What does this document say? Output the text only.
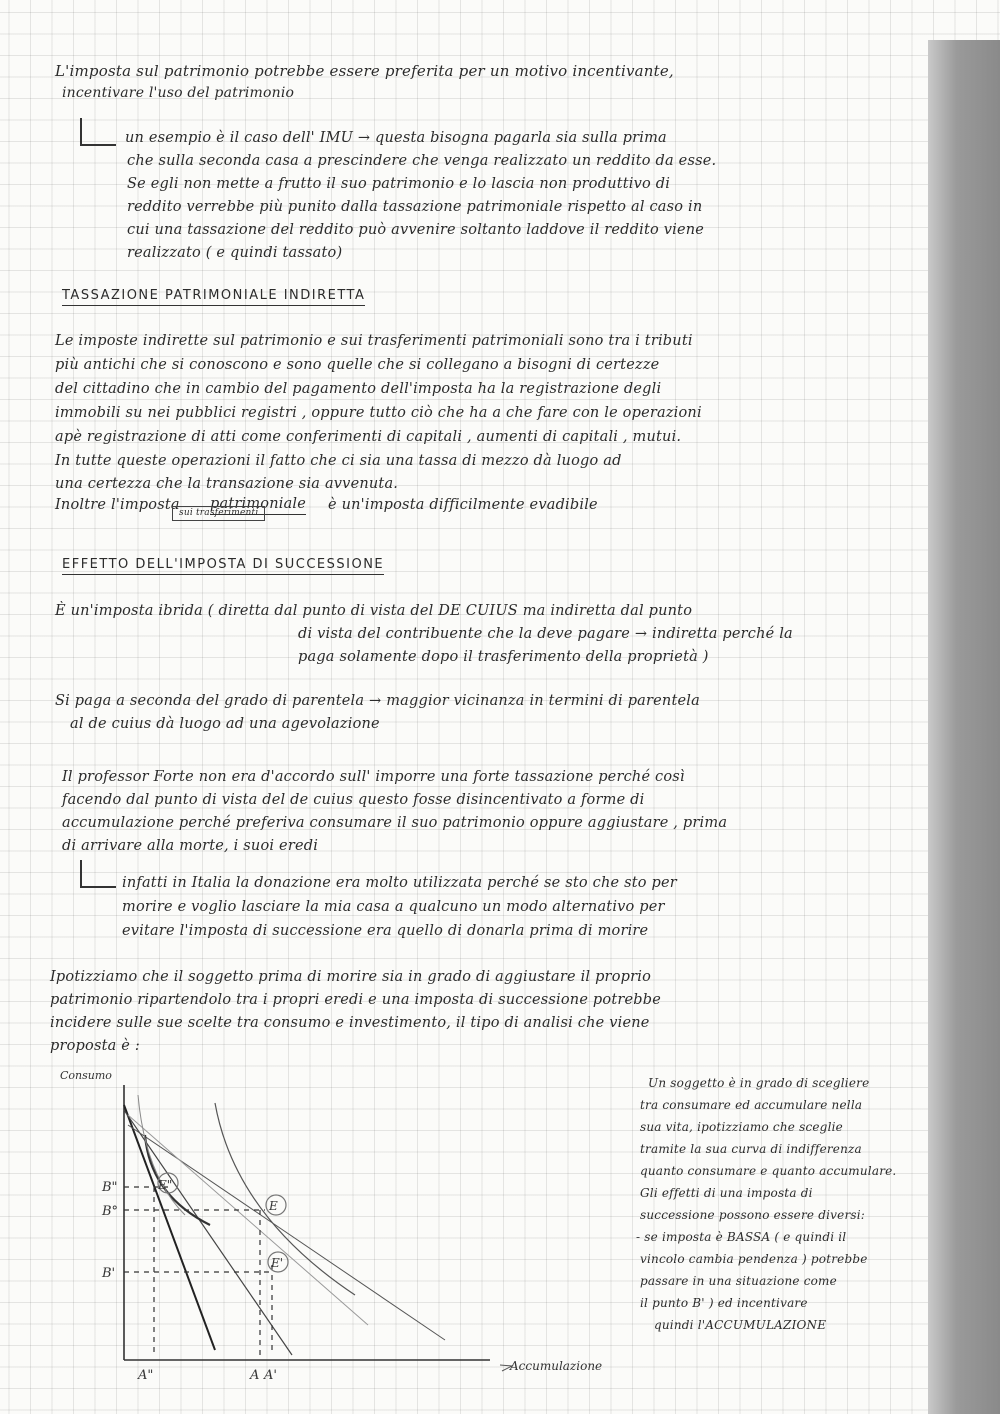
L'imposta sul patrimonio potrebbe essere preferita per un motivo incentivante,
incentivare l'uso del patrimonio
un esempio è il caso dell' IMU → questa bisogna pagarla sia sulla prima
che sulla seconda casa a prescindere che venga realizzato un reddito da esse.
Se egli non mette a frutto il suo patrimonio e lo lascia non produttivo di
reddito verrebbe più punito dalla tassazione patrimoniale rispetto al caso in
cui una tassazione del reddito può avvenire soltanto laddove il reddito viene
realizzato ( e quindi tassato)
TASSAZIONE PATRIMONIALE INDIRETTA
Le imposte indirette sul patrimonio e sui trasferimenti patrimoniali sono tra i tributi
più antichi che si conoscono e sono quelle che si collegano a bisogni di certezze
del cittadino che in cambio del pagamento dell'imposta ha la registrazione degli
immobili su nei pubblici registri , oppure tutto ciò che ha a che fare con le operazioni
apè registrazione di atti come conferimenti di capitali , aumenti di capitali , mutui.
In tutte queste operazioni il fatto che ci sia una tassa di mezzo dà luogo ad
una certezza che la transazione sia avvenuta.
Inoltre l'imposta patrimoniale è un'imposta difficilmente evadibile
sui trasferimenti
EFFETTO DELL'IMPOSTA DI SUCCESSIONE
È un'imposta ibrida ( diretta dal punto di vista del DE CUIUS ma indiretta dal punto
di vista del contribuente che la deve pagare → indiretta perché la
paga solamente dopo il trasferimento della proprietà )
Si paga a seconda del grado di parentela → maggior vicinanza in termini di parentela
al de cuius dà luogo ad una agevolazione
Il professor Forte non era d'accordo sull' imporre una forte tassazione perché così
facendo dal punto di vista del de cuius questo fosse disincentivato a forme di
accumulazione perché preferiva consumare il suo patrimonio oppure aggiustare , prima
di arrivare alla morte, i suoi eredi
infatti in Italia la donazione era molto utilizzata perché se sto che sto per
morire e voglio lasciare la mia casa a qualcuno un modo alternativo per
evitare l'imposta di successione era quello di donarla prima di morire
Ipotizziamo che il soggetto prima di morire sia in grado di aggiustare il proprio
patrimonio ripartendolo tra i propri eredi e una imposta di successione potrebbe
incidere sulle sue scelte tra consumo e investimento, il tipo di analisi che viene
proposta è :
Consumo
Accumulazione
E"
E
E'
B"
B°
B'
A"	A A'
Un soggetto è in grado di scegliere
tra consumare ed accumulare nella
sua vita, ipotizziamo che sceglie
tramite la sua curva di indifferenza
quanto consumare e quanto accumulare.
Gli effetti di una imposta di
successione possono essere diversi:
- se imposta è BASSA ( e quindi il
vincolo cambia pendenza ) potrebbe
passare in una situazione come
il punto B' ) ed incentivare
quindi l'ACCUMULAZIONE
